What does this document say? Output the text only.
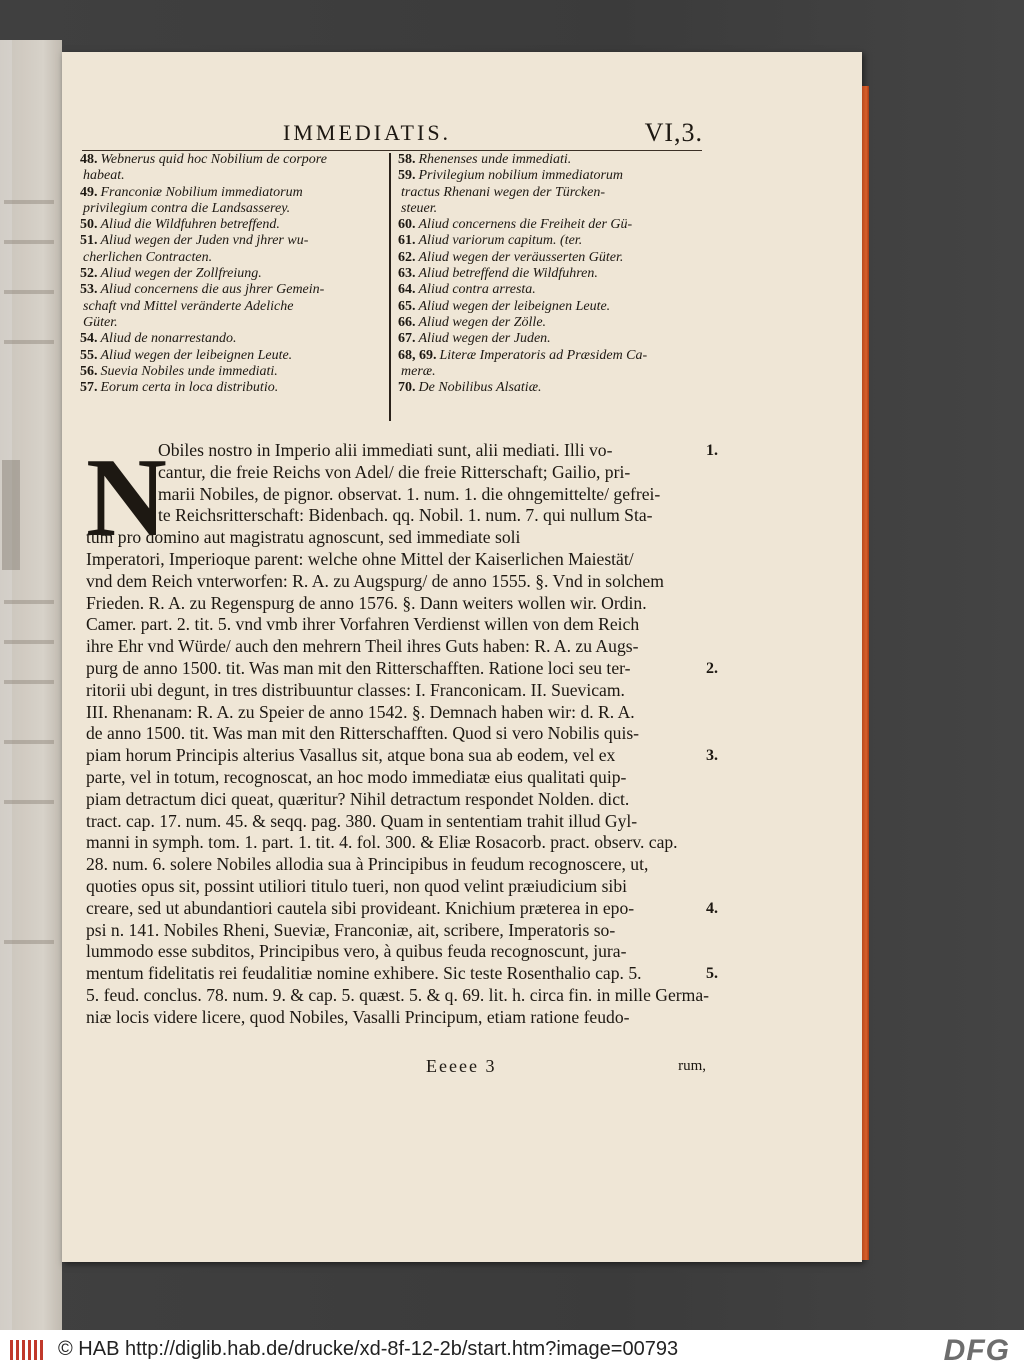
IMMEDIATIS.	VI,3.
48. Webnerus quid hoc Nobilium de corpore
habeat.
49. Franconiæ Nobilium immediatorum
privilegium contra die Landsasserey.
50. Aliud die Wildfuhren betreffend.
51. Aliud wegen der Juden vnd jhrer wu-
cherlichen Contracten.
52. Aliud wegen der Zollfreiung.
53. Aliud concernens die aus jhrer Gemein-
schaft vnd Mittel veränderte Adeliche
Güter.
54. Aliud de nonarrestando.
55. Aliud wegen der leibeignen Leute.
56. Suevia Nobiles unde immediati.
57. Eorum certa in loca distributio.
58. Rhenenses unde immediati.
59. Privilegium nobilium immediatorum
tractus Rhenani wegen der Türcken-
steuer.
60. Aliud concernens die Freiheit der Gü-
61. Aliud variorum capitum. (ter.
62. Aliud wegen der veräusserten Güter.
63. Aliud betreffend die Wildfuhren.
64. Aliud contra arresta.
65. Aliud wegen der leibeignen Leute.
66. Aliud wegen der Zölle.
67. Aliud wegen der Juden.
68, 69. Literæ Imperatoris ad Præsidem Ca-
meræ.
70. De Nobilibus Alsatiæ.
N
Obiles nostro in Imperio alii immediati sunt, alii mediati. Illi vo-
cantur, die freie Reichs von Adel/ die freie Ritterschaft; Gailio, pri-
marii Nobiles, de pignor. observat. 1. num. 1. die ohngemittelte/ gefrei-
te Reichsritterschaft: Bidenbach. qq. Nobil. 1. num. 7. qui nullum Sta-
tum pro domino aut magistratu agnoscunt, sed immediate soli
Imperatori, Imperioque parent: welche ohne Mittel der Kaiserlichen Maiestät/
vnd dem Reich vnterworfen: R. A. zu Augspurg/ de anno 1555. §. Vnd in solchem
Frieden. R. A. zu Regenspurg de anno 1576. §. Dann weiters wollen wir. Ordin.
Camer. part. 2. tit. 5. vnd vmb ihrer Vorfahren Verdienst willen von dem Reich
ihre Ehr vnd Würde/ auch den mehrern Theil ihres Guts haben: R. A. zu Augs-
purg de anno 1500. tit. Was man mit den Ritterschafften. Ratione loci seu ter-
ritorii ubi degunt, in tres distribuuntur classes: I. Franconicam. II. Suevicam.
III. Rhenanam: R. A. zu Speier de anno 1542. §. Demnach haben wir: d. R. A.
de anno 1500. tit. Was man mit den Ritterschafften. Quod si vero Nobilis quis-
piam horum Principis alterius Vasallus sit, atque bona sua ab eodem, vel ex
parte, vel in totum, recognoscat, an hoc modo immediatæ eius qualitati quip-
piam detractum dici queat, quæritur? Nihil detractum respondet Nolden. dict.
tract. cap. 17. num. 45. & seqq. pag. 380. Quam in sententiam trahit illud Gyl-
manni in symph. tom. 1. part. 1. tit. 4. fol. 300. & Eliæ Rosacorb. pract. observ. cap.
28. num. 6. solere Nobiles allodia sua à Principibus in feudum recognoscere, ut,
quoties opus sit, possint utiliori titulo tueri, non quod velint præiudicium sibi
creare, sed ut abundantiori cautela sibi provideant. Knichium præterea in epo-
psi n. 141. Nobiles Rheni, Sueviæ, Franconiæ, ait, scribere, Imperatoris so-
lummodo esse subditos, Principibus vero, à quibus feuda recognoscunt, jura-
mentum fidelitatis rei feudalitiæ nomine exhibere. Sic teste Rosenthalio cap. 5.
5. feud. conclus. 78. num. 9. & cap. 5. quæst. 5. & q. 69. lit. h. circa fin. in mille Germa-
niæ locis videre licere, quod Nobiles, Vasalli Principum, etiam ratione feudo-
1.
2.
3.
4.
5.
Eeeee 3	rum,
© HAB http://diglib.hab.de/drucke/xd-8f-12-2b/start.htm?image=00793	DFG
